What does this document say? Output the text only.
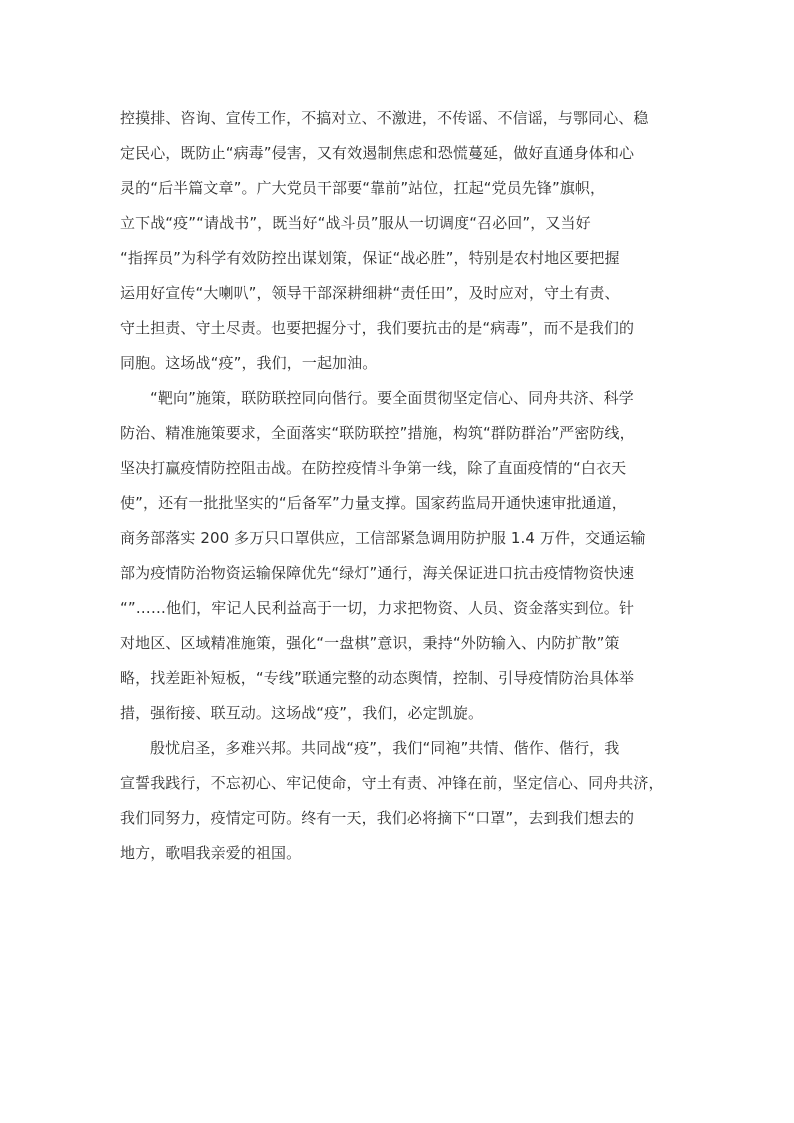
控摸排、咨询、宣传工作，不搞对立、不激进，不传谣、不信谣，与鄂同心、稳
定民心，既防止“病毒”侵害，又有效遏制焦虑和恐慌蔓延，做好直通身体和心
灵的“后半篇文章”。广大党员干部要“靠前”站位，扛起“党员先锋”旗帜，
立下战“疫”“请战书”，既当好“战斗员”服从一切调度“召必回”，又当好
“指挥员”为科学有效防控出谋划策，保证“战必胜”，特别是农村地区要把握
运用好宣传“大喇叭”，领导干部深耕细耕“责任田”，及时应对，守土有责、
守土担责、守土尽责。也要把握分寸，我们要抗击的是“病毒”，而不是我们的
同胞。这场战“疫”，我们，一起加油。
“靶向”施策，联防联控同向偕行。要全面贯彻坚定信心、同舟共济、科学
防治、精准施策要求，全面落实“联防联控”措施，构筑“群防群治”严密防线，
坚决打赢疫情防控阻击战。在防控疫情斗争第一线，除了直面疫情的“白衣天
使”，还有一批批坚实的“后备军”力量支撑。国家药监局开通快速审批通道，
商务部落实 200 多万只口罩供应，工信部紧急调用防护服 1.4 万件，交通运输
部为疫情防治物资运输保障优先“绿灯”通行，海关保证进口抗击疫情物资快速
“”……他们，牢记人民利益高于一切，力求把物资、人员、资金落实到位。针
对地区、区域精准施策，强化“一盘棋”意识，秉持“外防输入、内防扩散”策
略，找差距补短板，“专线”联通完整的动态舆情，控制、引导疫情防治具体举
措，强衔接、联互动。这场战“疫”，我们，必定凯旋。
殷忧启圣，多难兴邦。共同战“疫”，我们“同袍”共情、偕作、偕行，我
宣誓我践行，不忘初心、牢记使命，守土有责、冲锋在前，坚定信心、同舟共济，
我们同努力，疫情定可防。终有一天，我们必将摘下“口罩”，去到我们想去的
地方，歌唱我亲爱的祖国。
